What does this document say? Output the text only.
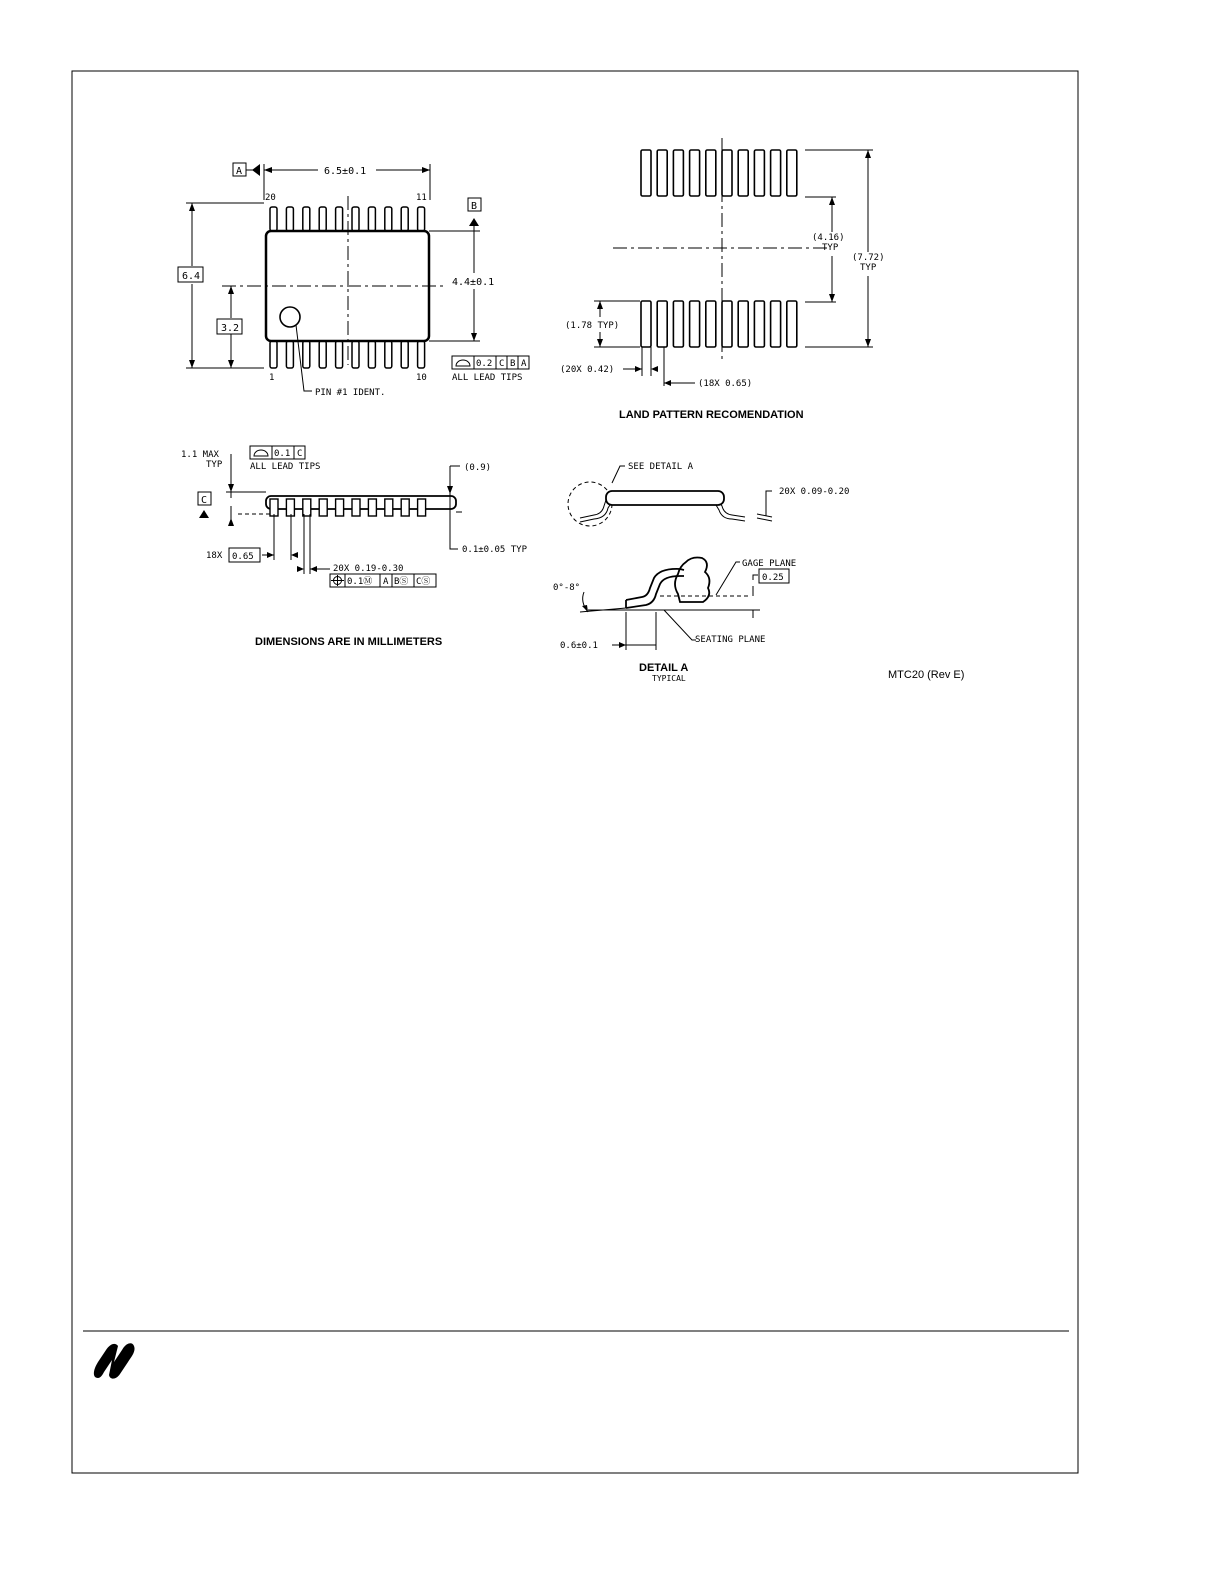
A	6.5±0.1
20	11
B
4.4±0.1
6.4
3.2
1	10
PIN #1 IDENT.
0.2 C B A
ALL LEAD TIPS
(4.16)
TYP
(7.72)
TYP
(1.78 TYP)
(20X 0.42)
(18X 0.65)
LAND PATTERN RECOMENDATION
1.1 MAX
TYP
0.1 C
ALL LEAD TIPS
C
(0.9)
0.1±0.05 TYP
18X 0.65
20X 0.19-0.30
0.1Ⓜ A BⓈ CⓈ
DIMENSIONS ARE IN MILLIMETERS
SEE DETAIL A
20X 0.09-0.20
GAGE PLANE
0.25
0°-8°
0.6±0.1
SEATING PLANE
DETAIL A
TYPICAL	MTC20 (Rev E)
